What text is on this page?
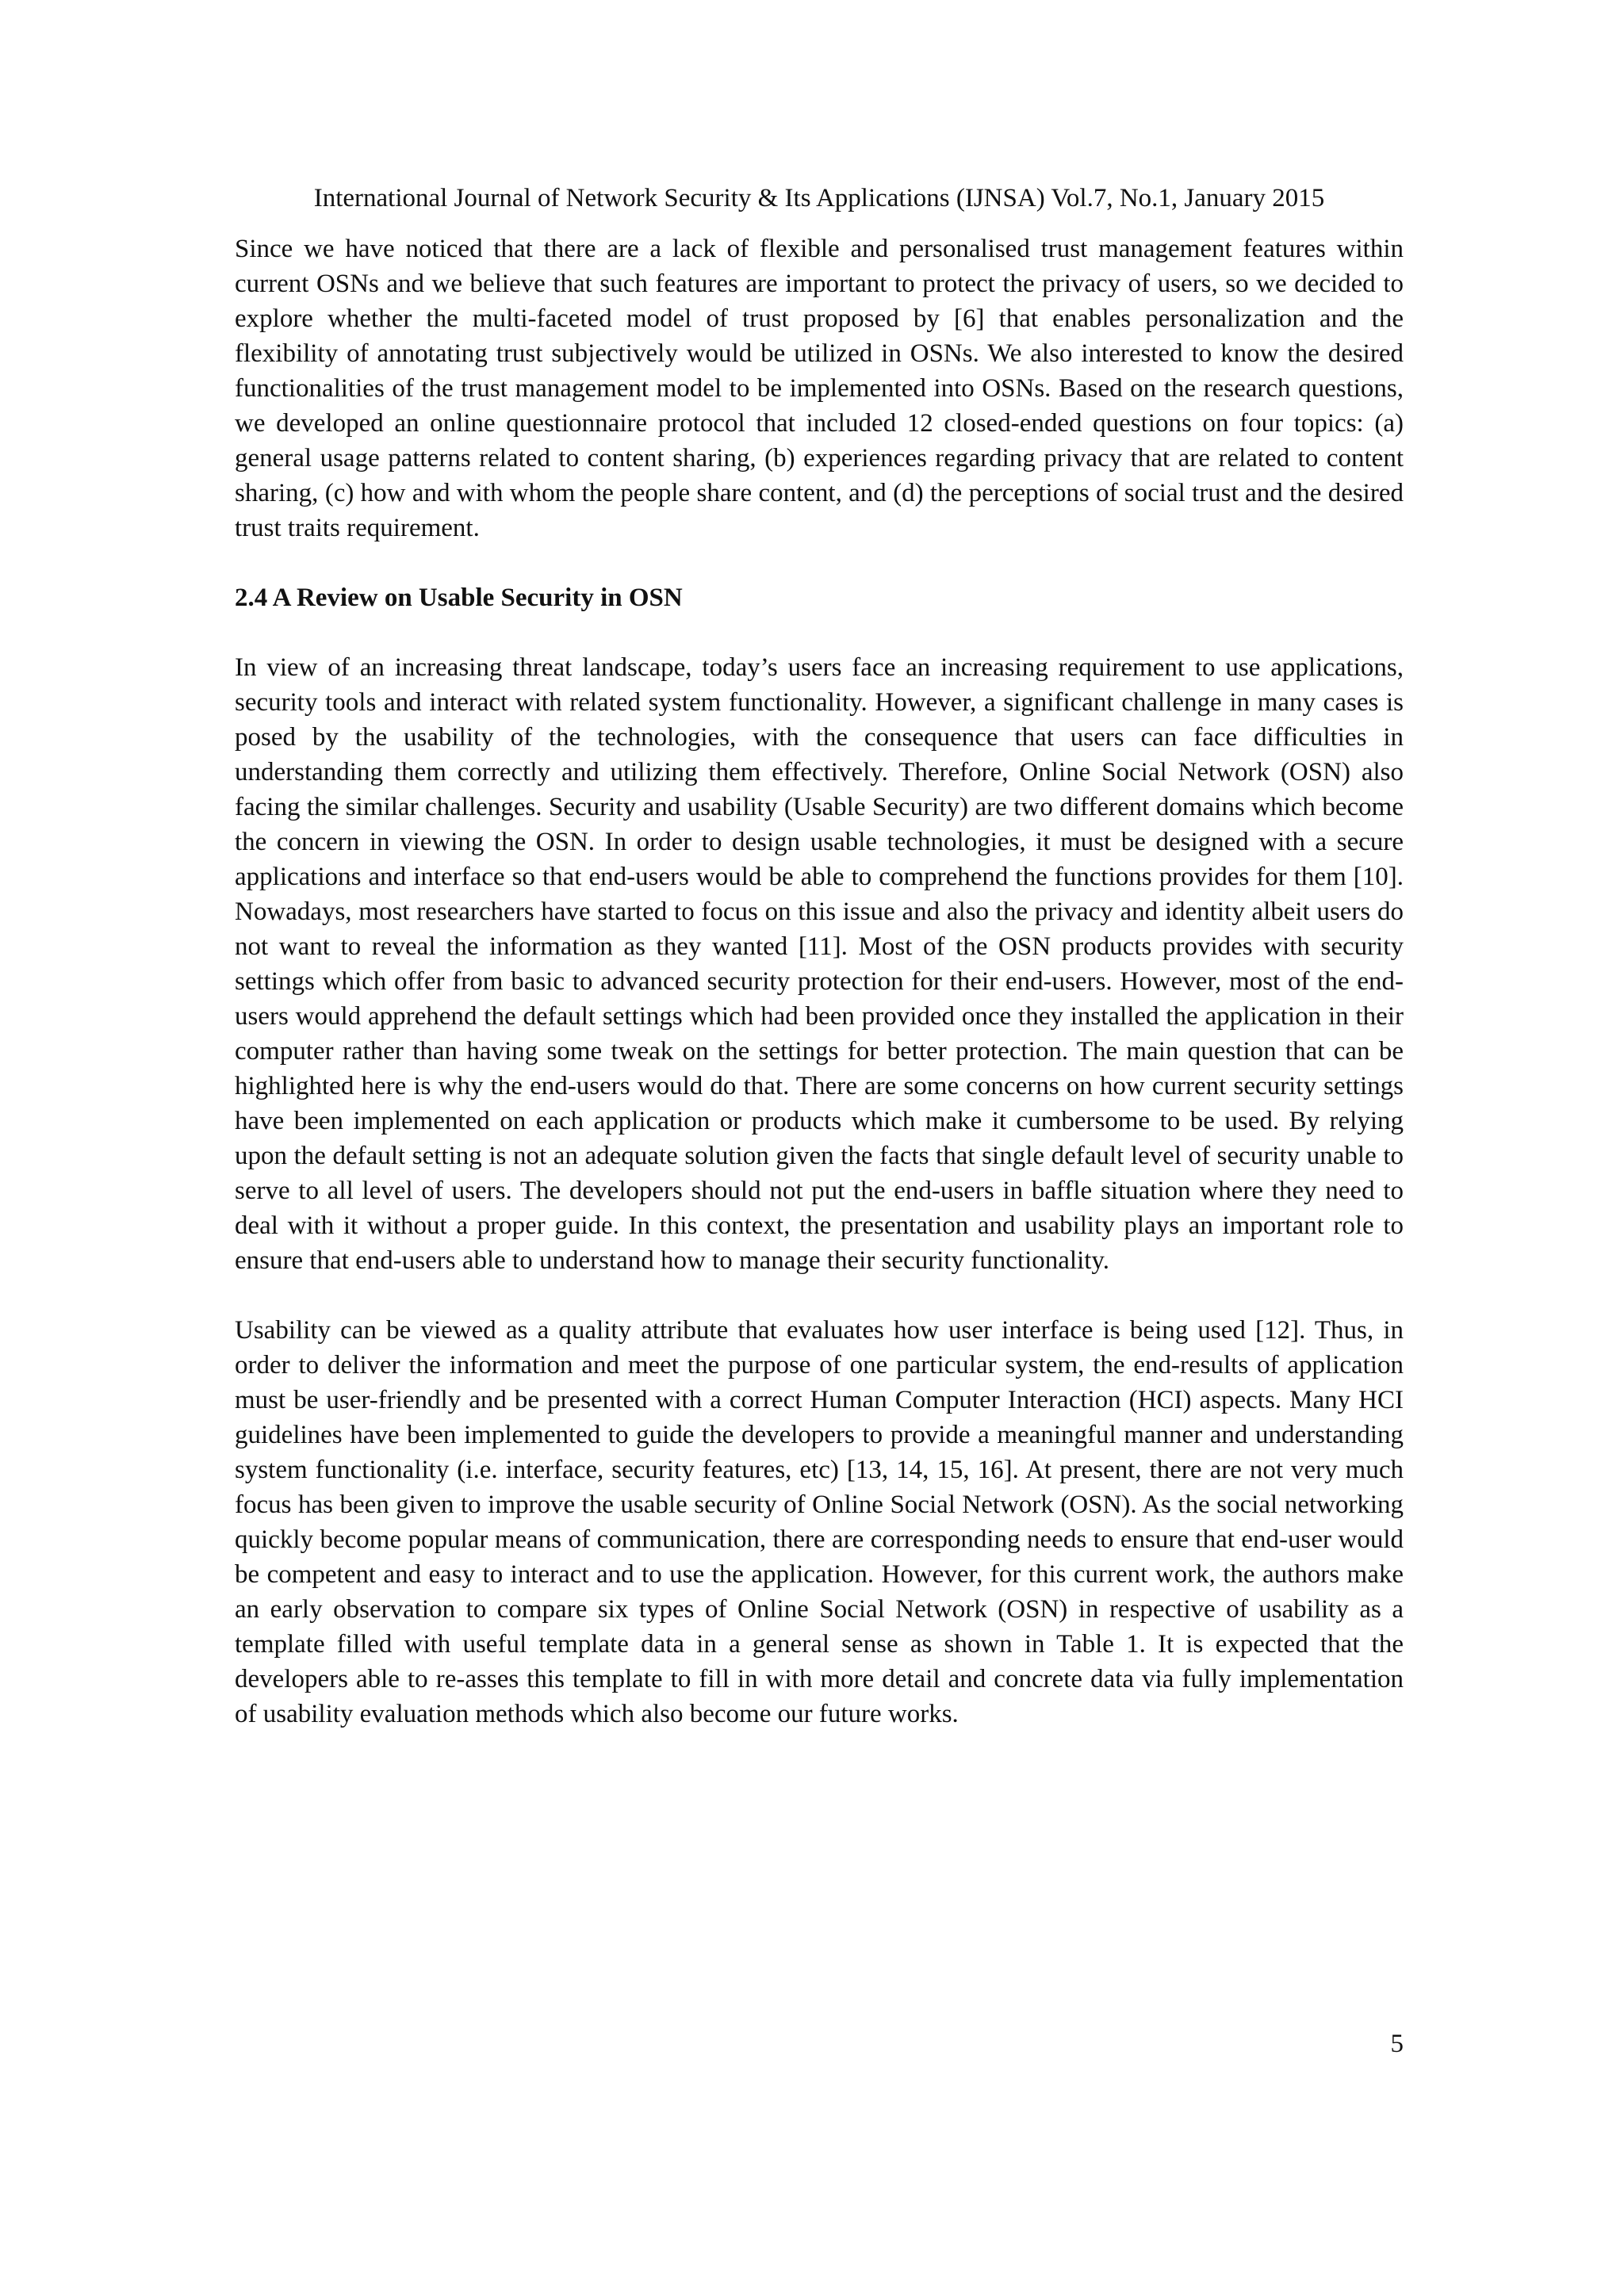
International Journal of Network Security & Its Applications (IJNSA) Vol.7, No.1, January 2015

Since we have noticed that there are a lack of flexible and personalised trust management features within current OSNs and we believe that such features are important to protect the privacy of users, so we decided to explore whether the multi-faceted model of trust proposed by [6] that enables personalization and the flexibility of annotating trust subjectively would be utilized in OSNs. We also interested to know the desired functionalities of the trust management model to be implemented into OSNs. Based on the research questions, we developed an online questionnaire protocol that included 12 closed-ended questions on four topics: (a) general usage patterns related to content sharing, (b) experiences regarding privacy that are related to content sharing, (c) how and with whom the people share content, and (d) the perceptions of social trust and the desired trust traits requirement.

2.4 A Review on Usable Security in OSN

In view of an increasing threat landscape, today’s users face an increasing requirement to use applications, security tools and interact with related system functionality. However, a significant challenge in many cases is posed by the usability of the technologies, with the consequence that users can face difficulties in understanding them correctly and utilizing them effectively. Therefore, Online Social Network (OSN) also facing the similar challenges. Security and usability (Usable Security) are two different domains which become the concern in viewing the OSN. In order to design usable technologies, it must be designed with a secure applications and interface so that end-users would be able to comprehend the functions provides for them [10]. Nowadays, most researchers have started to focus on this issue and also the privacy and identity albeit users do not want to reveal the information as they wanted [11]. Most of the OSN products provides with security settings which offer from basic to advanced security protection for their end-users. However, most of the end-users would apprehend the default settings which had been provided once they installed the application in their computer rather than having some tweak on the settings for better protection. The main question that can be highlighted here is why the end-users would do that. There are some concerns on how current security settings have been implemented on each application or products which make it cumbersome to be used. By relying upon the default setting is not an adequate solution given the facts that single default level of security unable to serve to all level of users. The developers should not put the end-users in baffle situation where they need to deal with it without a proper guide. In this context, the presentation and usability plays an important role to ensure that end-users able to understand how to manage their security functionality.

Usability can be viewed as a quality attribute that evaluates how user interface is being used [12]. Thus, in order to deliver the information and meet the purpose of one particular system, the end-results of application must be user-friendly and be presented with a correct Human Computer Interaction (HCI) aspects. Many HCI guidelines have been implemented to guide the developers to provide a meaningful manner and understanding system functionality (i.e. interface, security features, etc) [13, 14, 15, 16]. At present, there are not very much focus has been given to improve the usable security of Online Social Network (OSN). As the social networking quickly become popular means of communication, there are corresponding needs to ensure that end-user would be competent and easy to interact and to use the application. However, for this current work, the authors make an early observation to compare six types of Online Social Network (OSN) in respective of usability as a template filled with useful template data in a general sense as shown in Table 1. It is expected that the developers able to re-asses this template to fill in with more detail and concrete data via fully implementation of usability evaluation methods which also become our future works.

5
